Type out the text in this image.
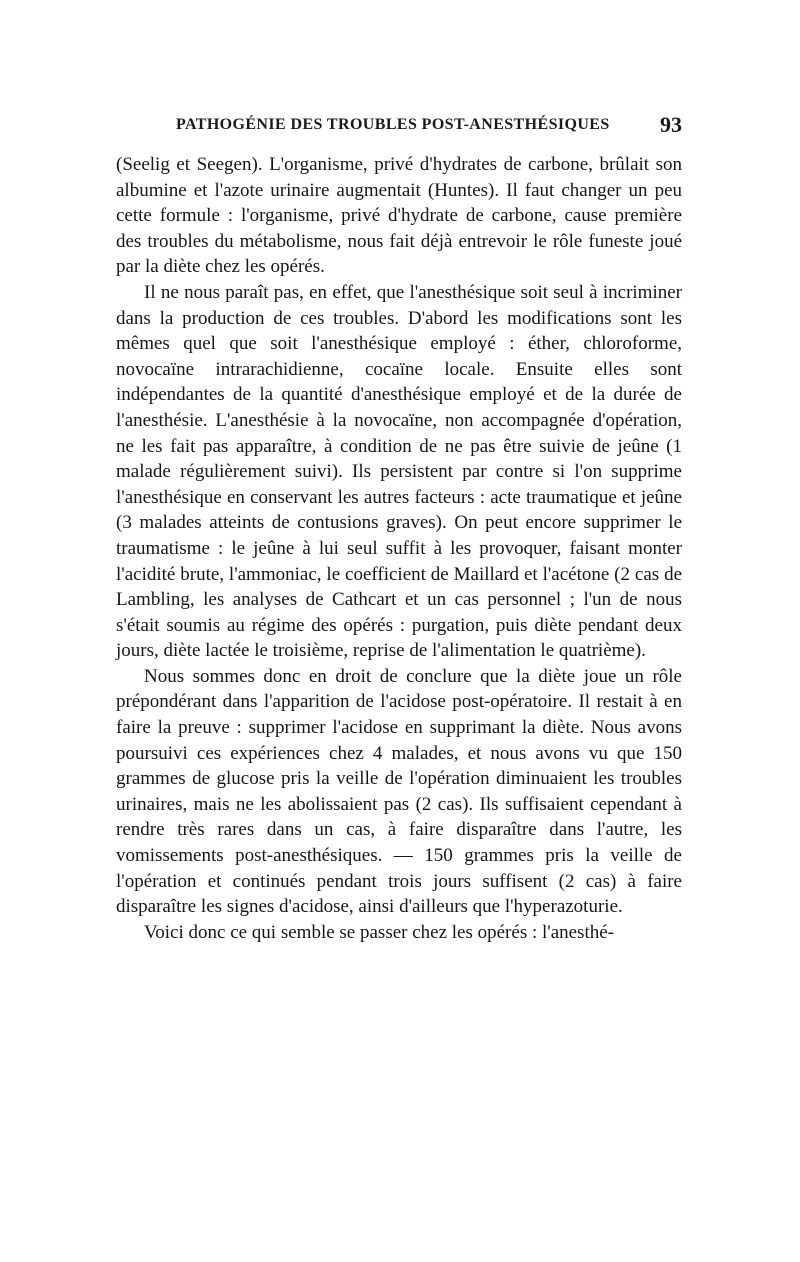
PATHOGÉNIE DES TROUBLES POST-ANESTHÉSIQUES 93

(Seelig et Seegen). L'organisme, privé d'hydrates de carbone, brûlait son albumine et l'azote urinaire augmentait (Huntes). Il faut changer un peu cette formule : l'organisme, privé d'hydrate de carbone, cause première des troubles du métabolisme, nous fait déjà entrevoir le rôle funeste joué par la diète chez les opérés.

Il ne nous paraît pas, en effet, que l'anesthésique soit seul à incriminer dans la production de ces troubles. D'abord les modifications sont les mêmes quel que soit l'anesthésique employé : éther, chloroforme, novocaïne intrarachidienne, cocaïne locale. Ensuite elles sont indépendantes de la quantité d'anesthésique employé et de la durée de l'anesthésie. L'anesthésie à la novocaïne, non accompagnée d'opération, ne les fait pas apparaître, à condition de ne pas être suivie de jeûne (1 malade régulièrement suivi). Ils persistent par contre si l'on supprime l'anesthésique en conservant les autres facteurs : acte traumatique et jeûne (3 malades atteints de contusions graves). On peut encore supprimer le traumatisme : le jeûne à lui seul suffit à les provoquer, faisant monter l'acidité brute, l'ammoniac, le coefficient de Maillard et l'acétone (2 cas de Lambling, les analyses de Cathcart et un cas personnel ; l'un de nous s'était soumis au régime des opérés : purgation, puis diète pendant deux jours, diète lactée le troisième, reprise de l'alimentation le quatrième).

Nous sommes donc en droit de conclure que la diète joue un rôle prépondérant dans l'apparition de l'acidose post-opératoire. Il restait à en faire la preuve : supprimer l'acidose en supprimant la diète. Nous avons poursuivi ces expériences chez 4 malades, et nous avons vu que 150 grammes de glucose pris la veille de l'opération diminuaient les troubles urinaires, mais ne les abolissaient pas (2 cas). Ils suffisaient cependant à rendre très rares dans un cas, à faire disparaître dans l'autre, les vomissements post-anesthésiques. — 150 grammes pris la veille de l'opération et continués pendant trois jours suffisent (2 cas) à faire disparaître les signes d'acidose, ainsi d'ailleurs que l'hyperazoturie.

Voici donc ce qui semble se passer chez les opérés : l'anesthé-
